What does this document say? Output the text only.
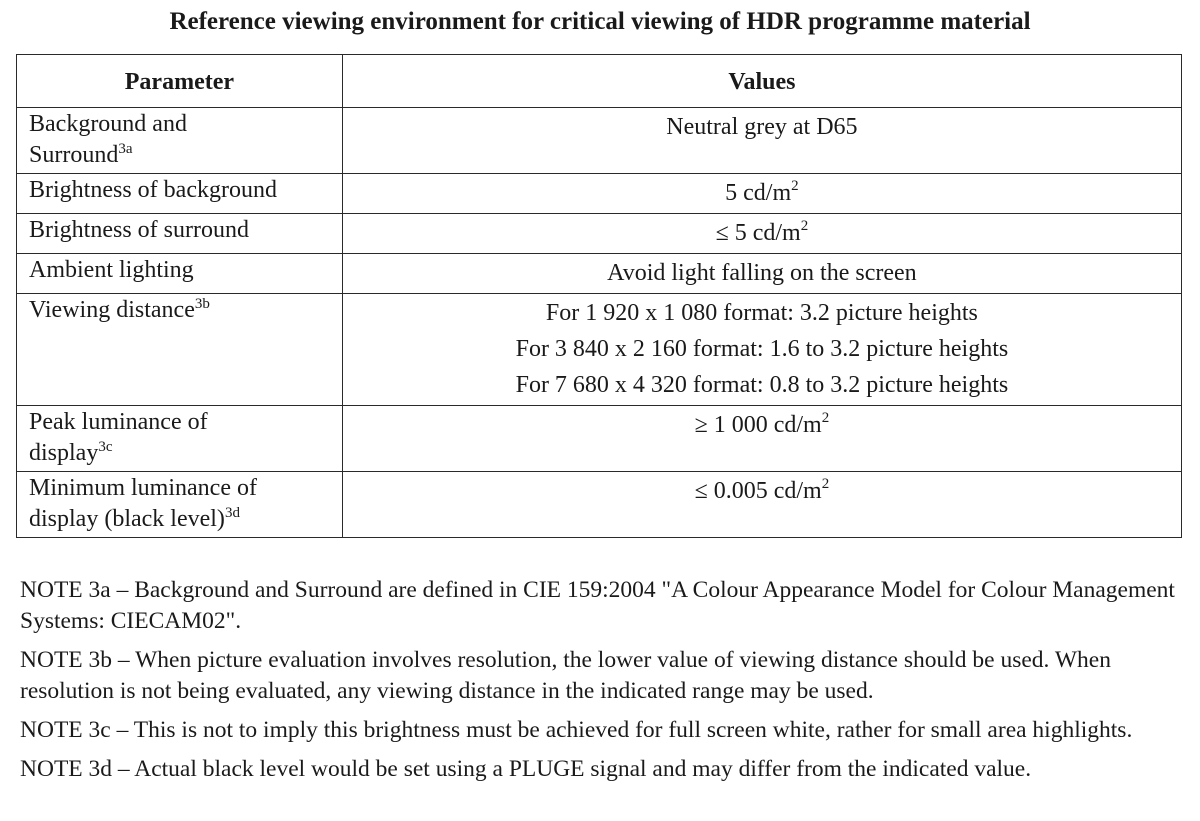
Reference viewing environment for critical viewing of HDR programme material
Parameter	Values

Background and
Surround$^{3a}$	Neutral grey at D65

Brightness of background	5 $cd/m^2$

Brightness of surround	≤ 5 $cd/m^2$

Ambient lighting	Avoid light falling on the screen

Viewing distance$^{3b}$	For 1 920 x 1 080 format: 3.2 picture heights
For 3 840 x 2 160 format: 1.6 to 3.2 picture heights
For 7 680 x 4 320 format: 0.8 to 3.2 picture heights

Peak luminance of
display$^{3c}$	≥ 1 000 $cd/m^2$

Minimum luminance of
display (black level)$^{3d}$	≤ 0.005 $cd/m^2$

NOTE 3a – Background and Surround are defined in CIE 159:2004 "A Colour Appearance Model for Colour Management Systems: CIECAM02".

NOTE 3b – When picture evaluation involves resolution, the lower value of viewing distance should be used. When resolution is not being evaluated, any viewing distance in the indicated range may be used.

NOTE 3c – This is not to imply this brightness must be achieved for full screen white, rather for small area highlights.

NOTE 3d – Actual black level would be set using a PLUGE signal and may differ from the indicated value.
